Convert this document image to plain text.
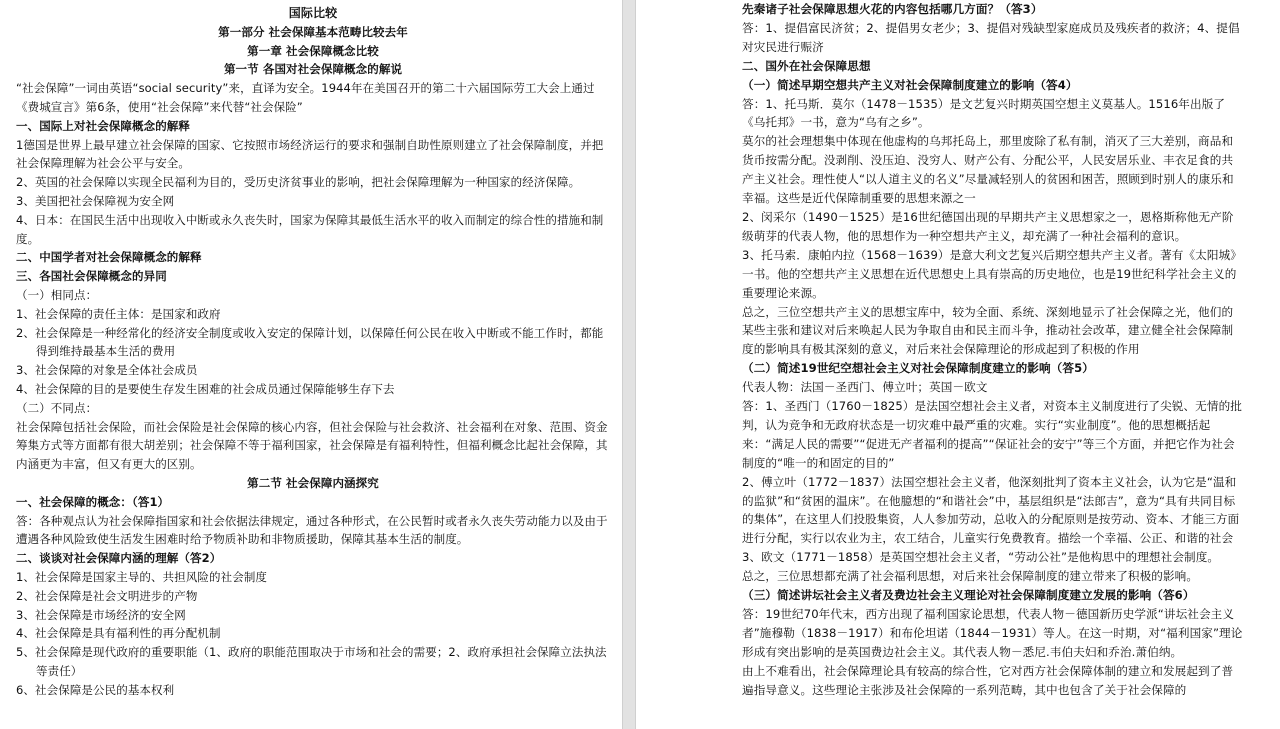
国际比较
第一部分 社会保障基本范畴比较去年
第一章 社会保障概念比较
第一节 各国对社会保障概念的解说
“社会保障”一词由英语“social security”来，直译为安全。1944年在美国召开的第二十六届国际劳工大会上通过《费城宣言》第6条，使用“社会保障”来代替“社会保险”
一、国际上对社会保障概念的解释
1德国是世界上最早建立社会保障的国家、它按照市场经济运行的要求和强制自助性原则建立了社会保障制度，并把社会保障理解为社会公平与安全。
2、英国的社会保障以实现全民福利为目的，受历史济贫事业的影响，把社会保障理解为一种国家的经济保障。
3、美国把社会保障视为安全网
4、日本：在国民生活中出现收入中断或永久丧失时，国家为保障其最低生活水平的收入而制定的综合性的措施和制度。
二、中国学者对社会保障概念的解释
三、各国社会保障概念的异同
（一）相同点：
1、社会保障的责任主体：是国家和政府
2、社会保障是一种经常化的经济安全制度或收入安定的保障计划，以保障任何公民在收入中断或不能工作时，都能得到维持最基本生活的费用
3、社会保障的对象是全体社会成员
4、社会保障的目的是要使生存发生困难的社会成员通过保障能够生存下去
（二）不同点：
社会保障包括社会保险，而社会保险是社会保障的核心内容，但社会保险与社会救济、社会福利在对象、范围、资金筹集方式等方面都有很大胡差别；社会保障不等于福利国家，社会保障是有福利特性，但福利概念比起社会保障，其内涵更为丰富，但又有更大的区别。
第二节 社会保障内涵探究
一、社会保障的概念：（答1）
答：各种观点认为社会保障指国家和社会依据法律规定，通过各种形式，在公民暂时或者永久丧失劳动能力以及由于遭遇各种风险致使生活发生困难时给予物质补助和非物质援助，保障其基本生活的制度。
二、谈谈对社会保障内涵的理解（答2）
1、社会保障是国家主导的、共担风险的社会制度
2、社会保障是社会文明进步的产物
3、社会保障是市场经济的安全网
4、社会保障是具有福利性的再分配机制
5、社会保障是现代政府的重要职能（1、政府的职能范围取决于市场和社会的需要；2、政府承担社会保障立法执法等责任）
6、社会保障是公民的基本权利
先秦诸子社会保障思想火花的内容包括哪几方面？（答3）
答：1、提倡富民济贫；2、提倡男女老少；3、提倡对残缺型家庭成员及残疾者的救济；4、提倡对灾民进行赈济
二、国外在社会保障思想
（一）简述早期空想共产主义对社会保障制度建立的影响（答4）
答：1、托马斯．莫尔（1478－1535）是文艺复兴时期英国空想主义莫基人。1516年出版了《乌托邦》一书，意为“乌有之乡”。
莫尔的社会理想集中体现在他虚构的乌邦托岛上，那里废除了私有制，消灭了三大差别，商品和货币按需分配。没剥削、没压迫、没穷人、财产公有、分配公平，人民安居乐业、丰衣足食的共产主义社会。理性使人“以人道主义的名义”尽量减轻别人的贫困和困苦，照顾到时别人的康乐和幸福。这些是近代保障制重要的思想来源之一
2、闵采尔（1490－1525）是16世纪德国出现的早期共产主义思想家之一，恩格斯称他无产阶级萌芽的代表人物，他的思想作为一种空想共产主义，却充满了一种社会福利的意识。
3、托马索．康帕内拉（1568－1639）是意大利文艺复兴后期空想共产主义者。著有《太阳城》一书。他的空想共产主义思想在近代思想史上具有崇高的历史地位，也是19世纪科学社会主义的重要理论来源。
总之，三位空想共产主义的思想宝库中，较为全面、系统、深刻地显示了社会保障之光，他们的某些主张和建议对后来唤起人民为争取自由和民主而斗争，推动社会改革，建立健全社会保障制度的影响具有极其深刻的意义，对后来社会保障理论的形成起到了积极的作用
（二）简述19世纪空想社会主义对社会保障制度建立的影响（答5）
代表人物：法国－圣西门、傅立叶；英国－欧文
答：1、圣西门（1760－1825）是法国空想社会主义者，对资本主义制度进行了尖锐、无情的批判，认为竞争和无政府状态是一切灾难中最严重的灾难。实行“实业制度”。他的思想概括起来：“满足人民的需要”“促进无产者福利的提高”“保证社会的安宁”等三个方面，并把它作为社会制度的“唯一的和固定的目的”
2、傅立叶（1772－1837）法国空想社会主义者，他深刻批判了资本主义社会，认为它是“温和的监狱”和“贫困的温床”。在他臆想的“和谐社会”中，基层组织是“法郎吉”，意为“具有共同目标的集体”，在这里人们投股集资，人人参加劳动，总收入的分配原则是按劳动、资本、才能三方面进行分配，实行以农业为主，农工结合，儿童实行免费教育。描绘一个幸福、公正、和谐的社会
3、欧文（1771－1858）是英国空想社会主义者，“劳动公社”是他构思中的理想社会制度。
总之，三位思想都充满了社会福利思想，对后来社会保障制度的建立带来了积极的影响。
（三）简述讲坛社会主义者及费边社会主义理论对社会保障制度建立发展的影响（答6）
答：19世纪70年代末，西方出现了福利国家论思想，代表人物－德国新历史学派“讲坛社会主义者”施穆勒（1838－1917）和布伦坦诺（1844－1931）等人。在这一时期，对“福利国家”理论形成有突出影响的是英国费边社会主义。其代表人物－悉尼.韦伯夫妇和乔治.萧伯纳。
由上不难看出，社会保障理论具有较高的综合性，它对西方社会保障体制的建立和发展起到了普遍指导意义。这些理论主张涉及社会保障的一系列范畴，其中也包含了关于社会保障的
